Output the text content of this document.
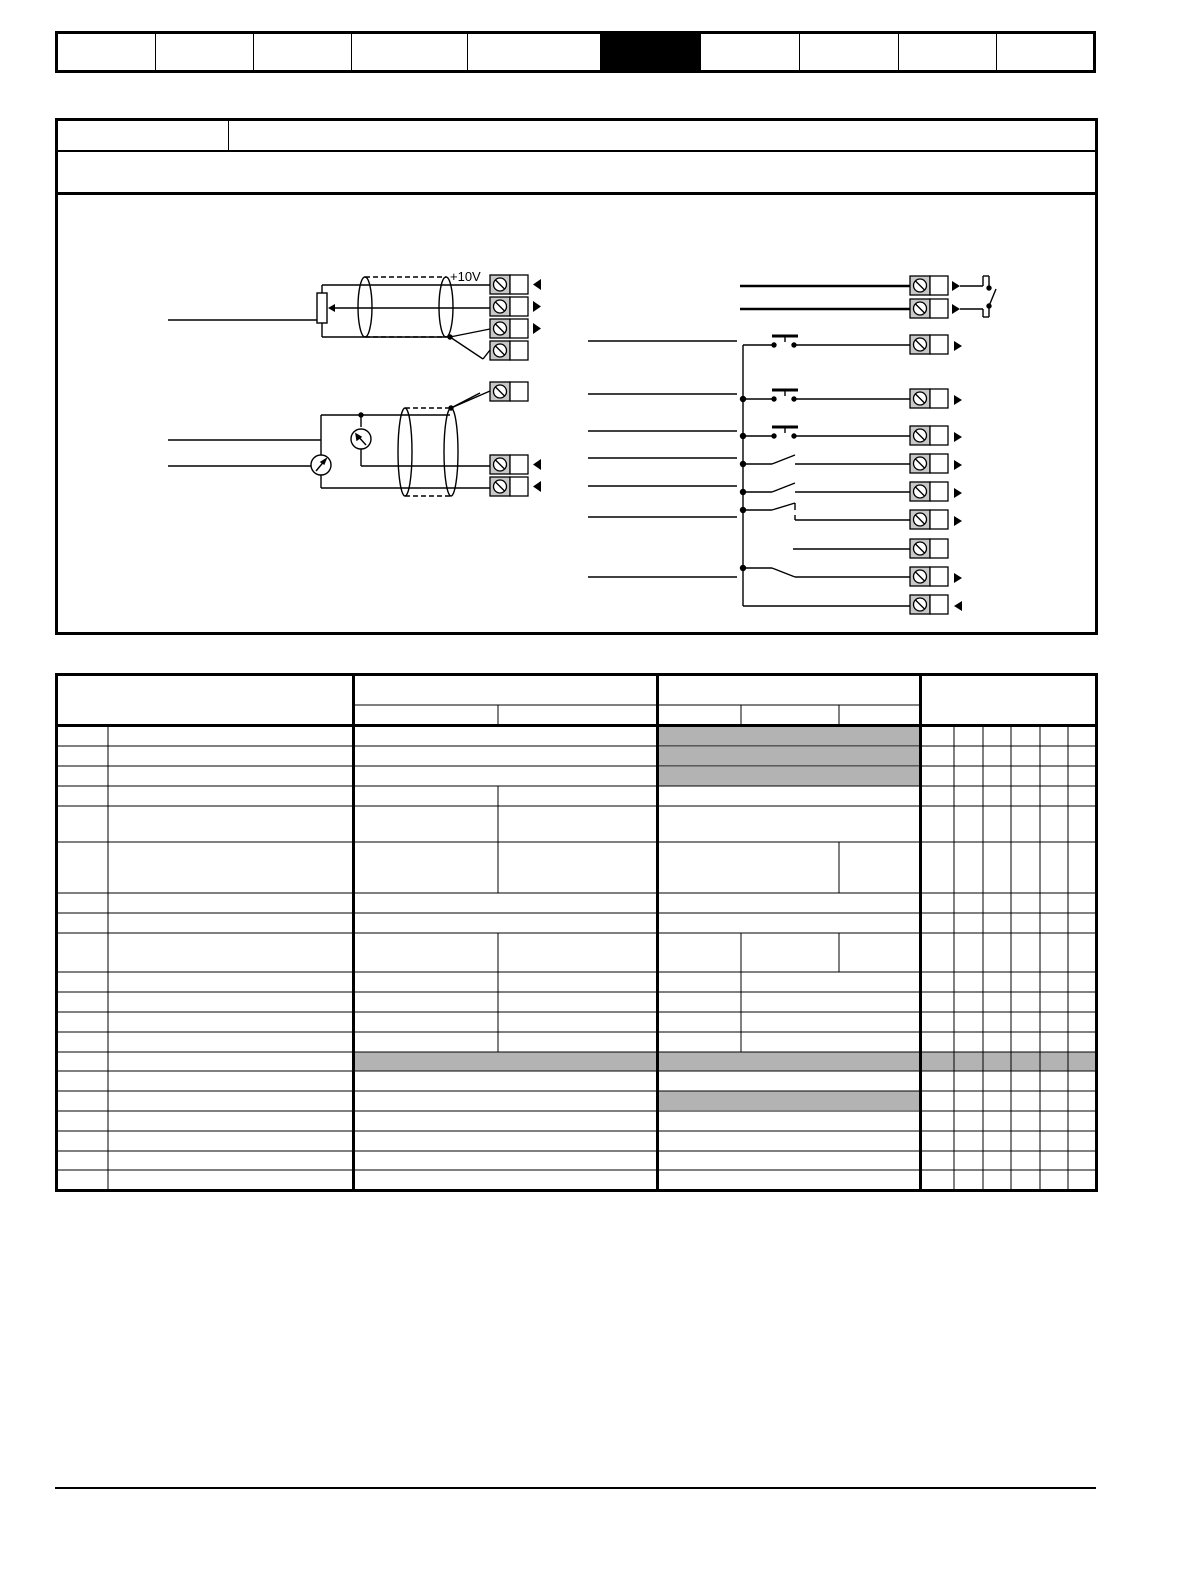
+10V
